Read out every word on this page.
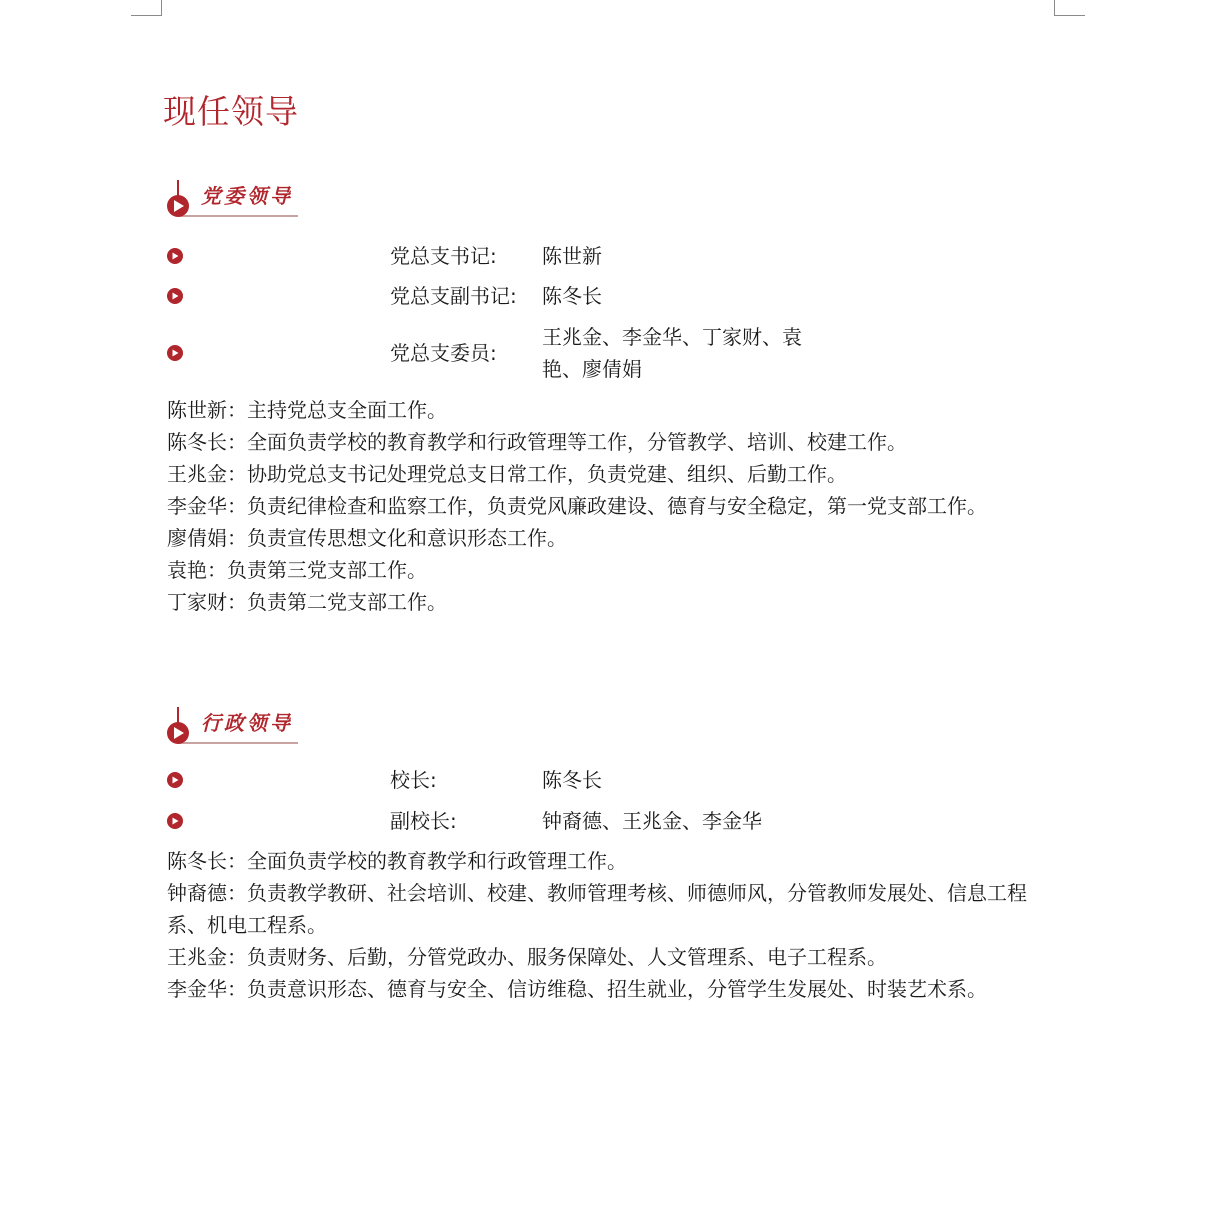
现任领导
党委领导
党总支书记: 陈世新
党总支副书记: 陈冬长
党总支委员:
王兆金、李金华、丁家财、袁艳、廖倩娟
陈世新：主持党总支全面工作。
陈冬长：全面负责学校的教育教学和行政管理等工作，分管教学、培训、校建工作。
王兆金：协助党总支书记处理党总支日常工作，负责党建、组织、后勤工作。
李金华：负责纪律检查和监察工作，负责党风廉政建设、德育与安全稳定，第一党支部工作。
廖倩娟：负责宣传思想文化和意识形态工作。
袁艳：负责第三党支部工作。
丁家财：负责第二党支部工作。
行政领导
校长:	陈冬长
副校长:	钟裔德、王兆金、李金华
陈冬长：全面负责学校的教育教学和行政管理工作。
钟裔德：负责教学教研、社会培训、校建、教师管理考核、师德师风，分管教师发展处、信息工程系、机电工程系。
王兆金：负责财务、后勤，分管党政办、服务保障处、人文管理系、电子工程系。
李金华：负责意识形态、德育与安全、信访维稳、招生就业，分管学生发展处、时装艺术系。
